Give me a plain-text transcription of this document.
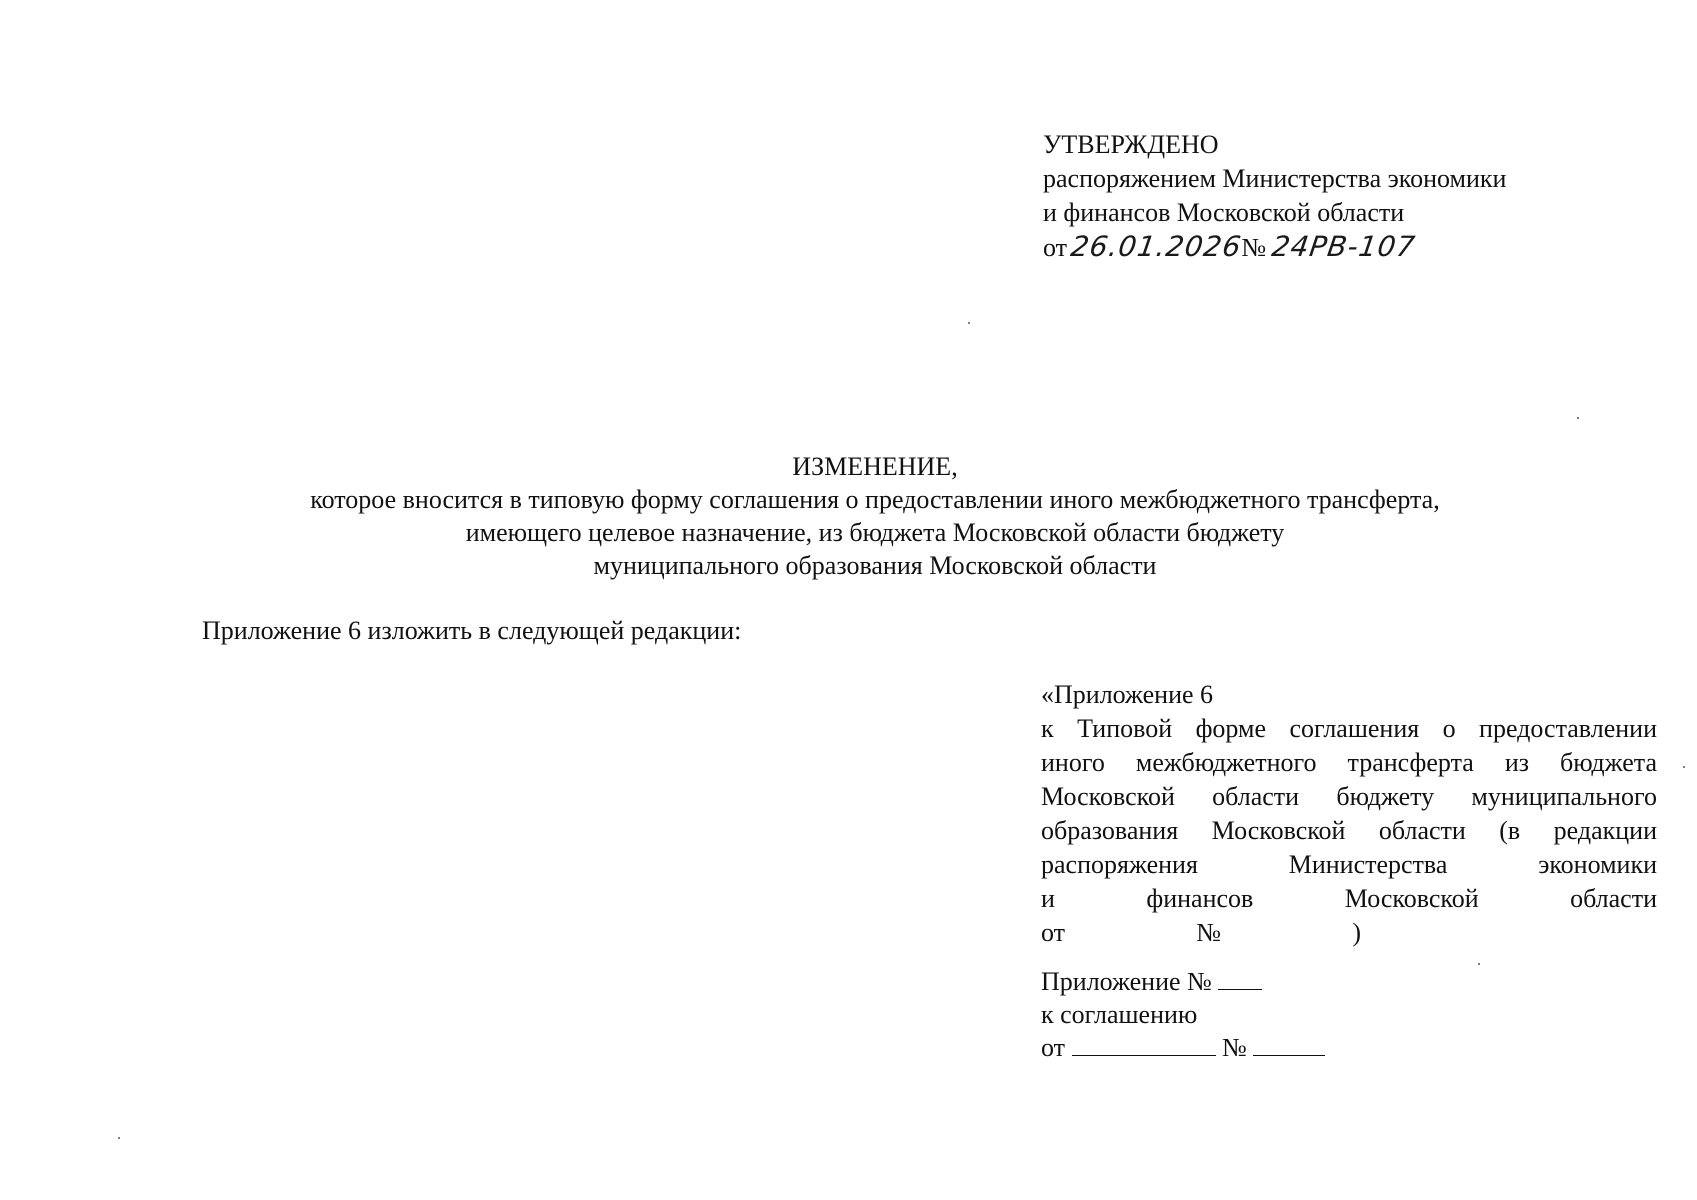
УТВЕРЖДЕНО
распоряжением Министерства экономики
и финансов Московской области
от26.01.2026№ 24РВ-107
ИЗМЕНЕНИЕ,
которое вносится в типовую форму соглашения о предоставлении иного межбюджетного трансферта,
имеющего целевое назначение, из бюджета Московской области бюджету
муниципального образования Московской области
Приложение 6 изложить в следующей редакции:
«Приложение 6
к Типовой форме соглашения о предоставлении
иного межбюджетного трансферта из бюджета
Московской области бюджету муниципального
образования Московской области (в редакции
распоряжения Министерства экономики
и финансов Московской области
от	№	)
Приложение №
к соглашению
от	№
